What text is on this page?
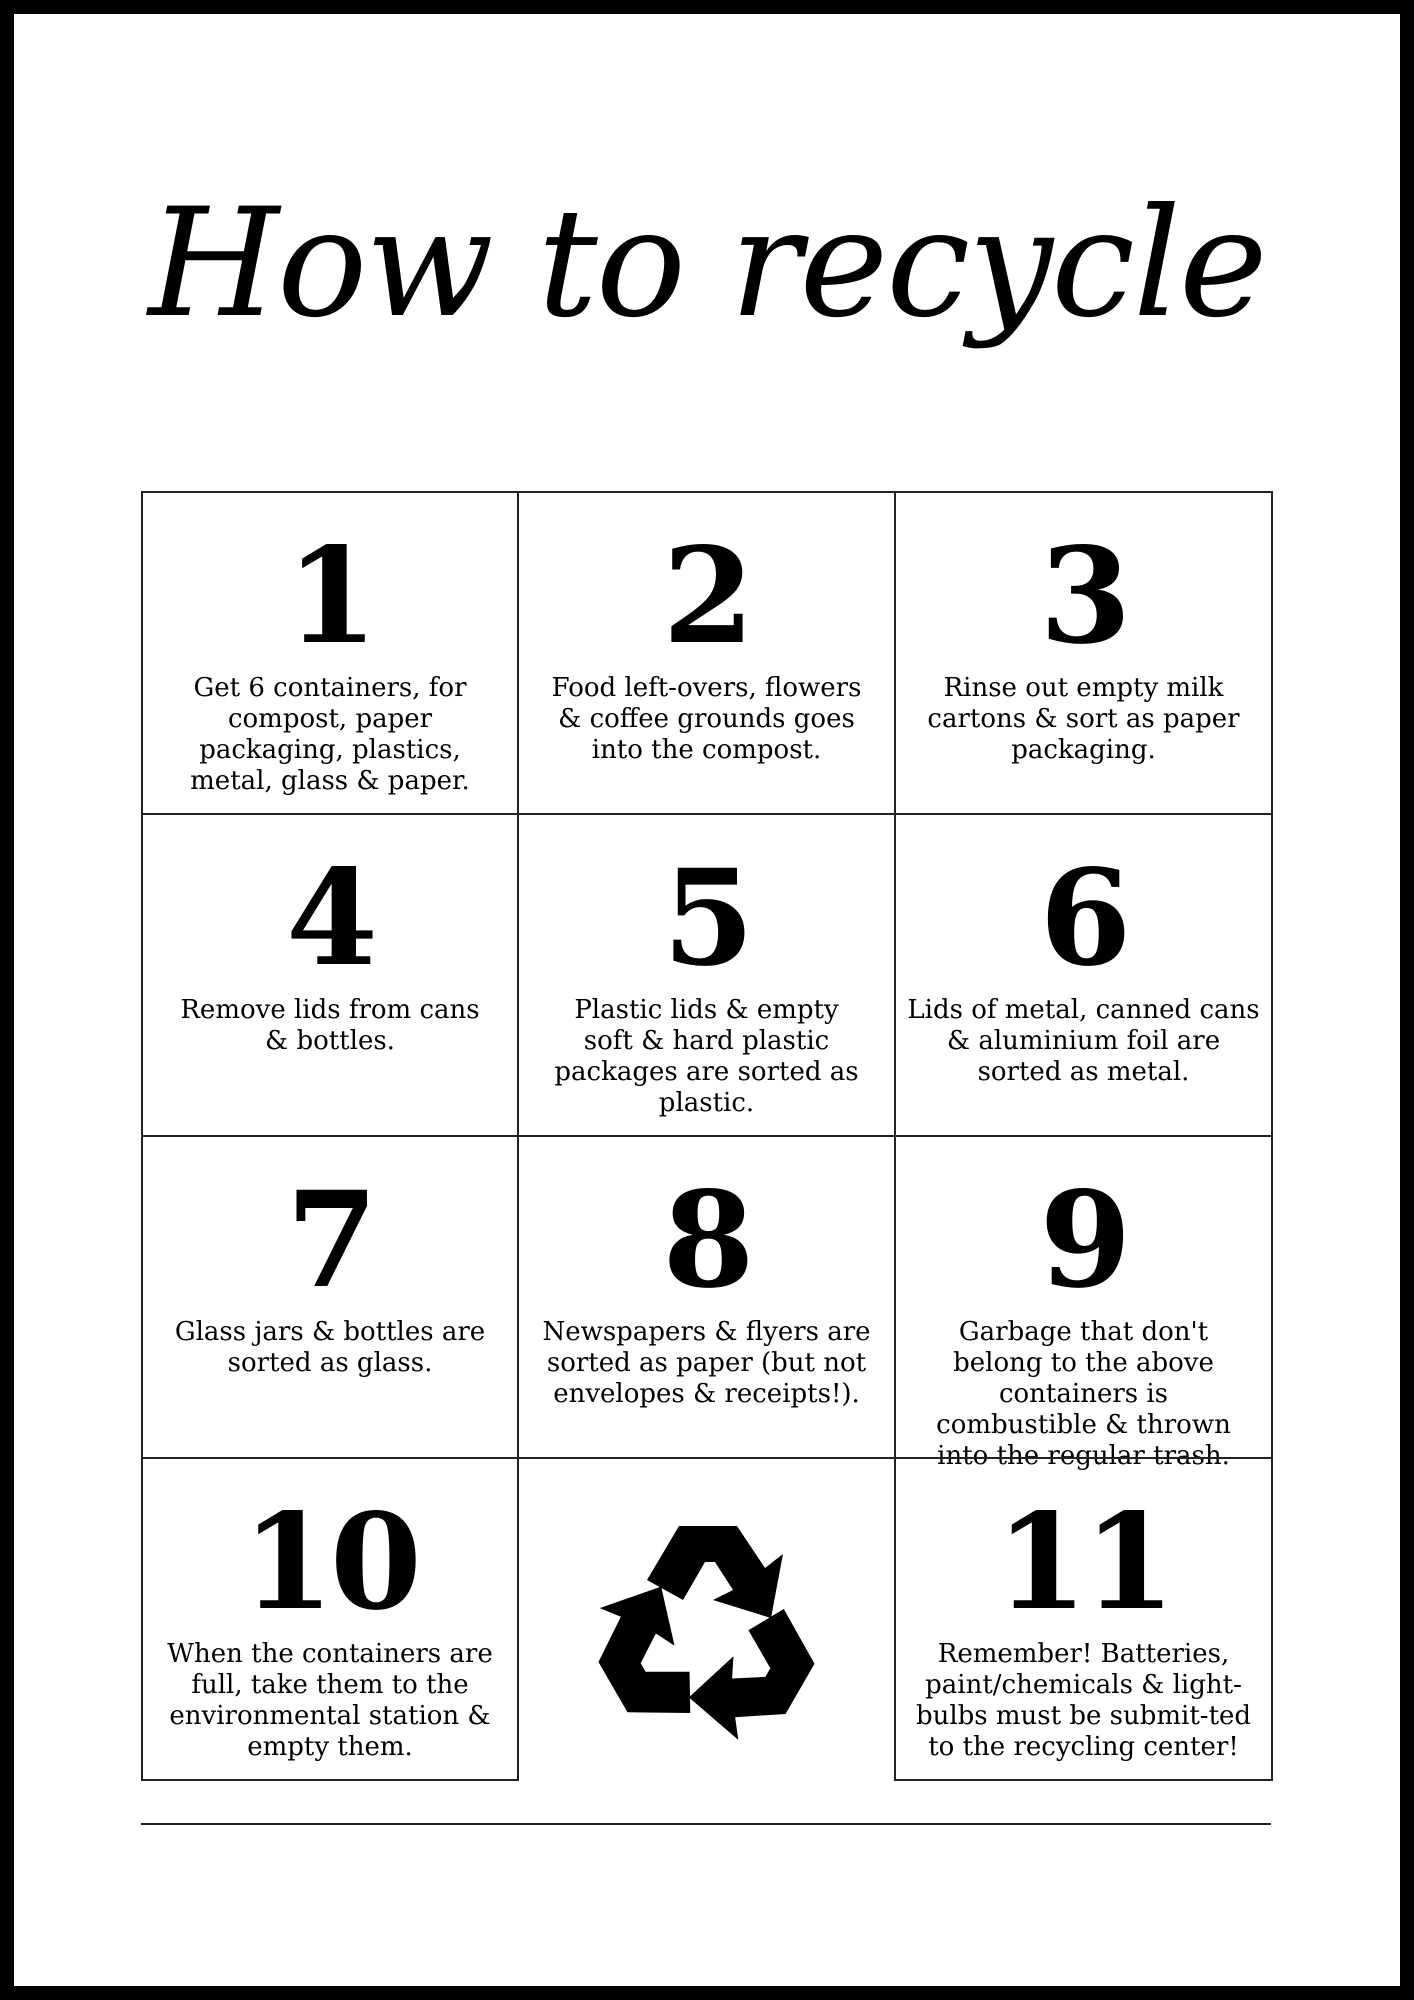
How to recycle
1
Get 6 containers, for compost, paper packaging, plastics, metal, glass & paper.
2
Food left-overs, flowers & coffee grounds goes into the compost.
3
Rinse out empty milk cartons & sort as paper packaging.
4
Remove lids from cans & bottles.
5
Plastic lids & empty soft & hard plastic packages are sorted as plastic.
6
Lids of metal, canned cans & aluminium foil are sorted as metal.
7
Glass jars & bottles are sorted as glass.
8
Newspapers & flyers are sorted as paper (but not envelopes & receipts!).
9
Garbage that don't belong to the above containers is combustible & thrown into the regular trash.
10
When the containers are full, take them to the environmental station & empty them.
11
Remember! Batteries, paint/chemicals & light-bulbs must be submit-ted to the recycling center!
